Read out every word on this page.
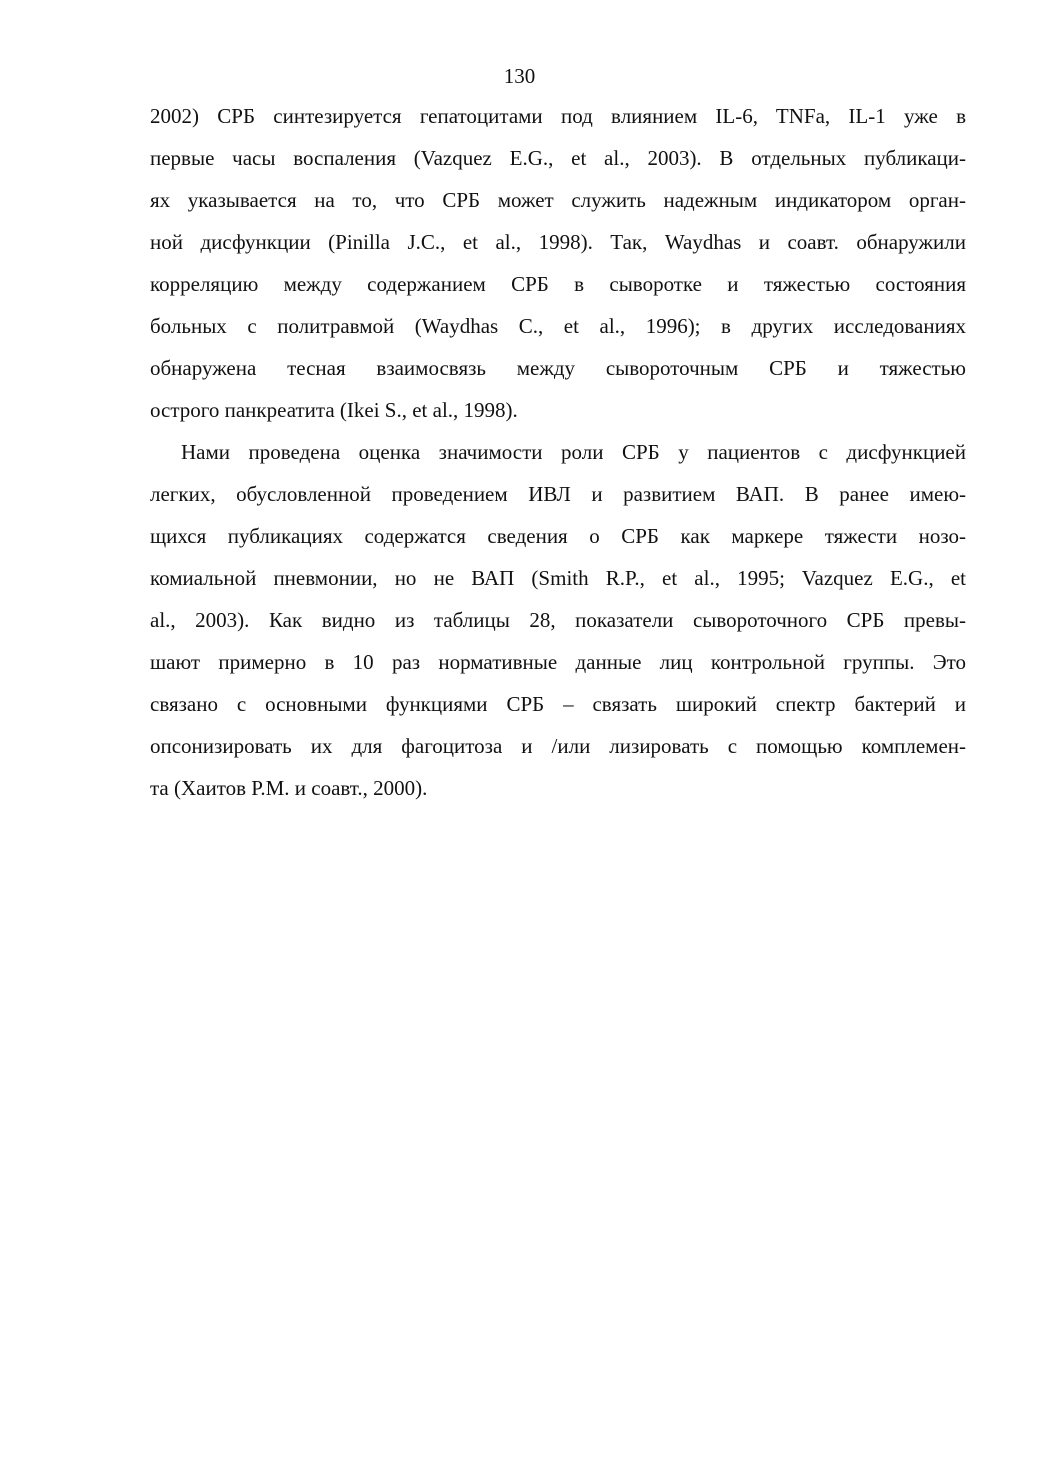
130
2002) СРБ синтезируется гепатоцитами под влиянием IL-6, TNFa, IL-1 уже в
первые часы воспаления (Vazquez E.G., et al., 2003). В отдельных публикаци-
ях указывается на то, что СРБ может служить надежным индикатором орган-
ной дисфункции (Pinilla J.C., et al., 1998). Так, Waydhas и соавт. обнаружили
корреляцию между содержанием СРБ в сыворотке и тяжестью состояния
больных с политравмой (Waydhas C., et al., 1996); в других исследованиях
обнаружена тесная взаимосвязь между сывороточным СРБ и тяжестью
острого панкреатита (Ikei S., et al., 1998).
Нами проведена оценка значимости роли СРБ у пациентов с дисфункцией
легких, обусловленной проведением ИВЛ и развитием ВАП. В ранее имею-
щихся публикациях содержатся сведения о СРБ как маркере тяжести нозо-
комиальной пневмонии, но не ВАП (Smith R.P., et al., 1995; Vazquez E.G., et
al., 2003). Как видно из таблицы 28, показатели сывороточного СРБ превы-
шают примерно в 10 раз нормативные данные лиц контрольной группы. Это
связано с основными функциями СРБ – связать широкий спектр бактерий и
опсонизировать их для фагоцитоза и /или лизировать с помощью комплемен-
та (Хаитов Р.М. и соавт., 2000).
